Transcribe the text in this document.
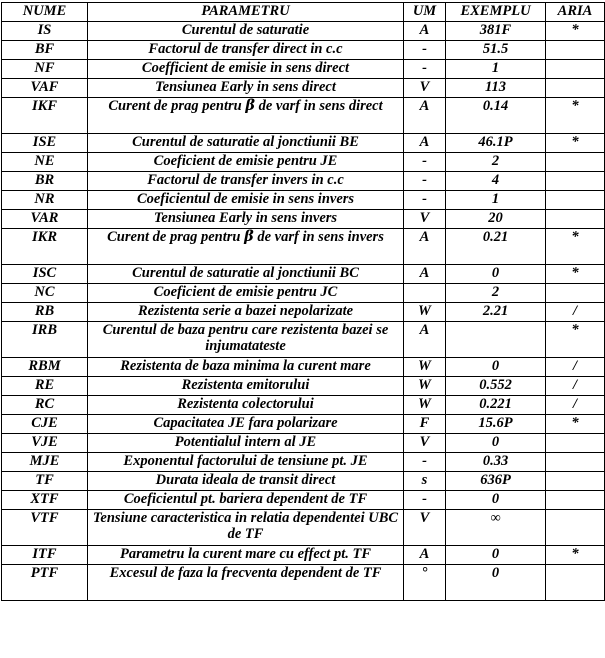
NUME	PARAMETRU	UM	EXEMPLU	ARIA
IS	Curentul de saturatie	A	381F	*
BF	Factorul de transfer direct in c.c	-	51.5	
NF	Coefficient de emisie in sens direct	-	1	
VAF	Tensiunea Early in sens direct	V	113	
IKF	Curent de prag pentru β de varf in sens direct	A	0.14	*
ISE	Curentul de saturatie al jonctiunii BE	A	46.1P	*
NE	Coeficient de emisie pentru JE	-	2	
BR	Factorul de transfer invers in c.c	-	4	
NR	Coeficientul de emisie in sens invers	-	1	
VAR	Tensiunea Early in sens invers	V	20	
IKR	Curent de prag pentru β de varf in sens invers	A	0.21	*
ISC	Curentul de saturatie al jonctiunii BC	A	0	*
NC	Coeficient de emisie pentru JC		2	
RB	Rezistenta serie a bazei nepolarizate	W	2.21	/
IRB	Curentul de baza pentru care rezistenta bazei se injumatateste	A		*
RBM	Rezistenta de baza minima la curent mare	W	0	/
RE	Rezistenta emitorului	W	0.552	/
RC	Rezistenta colectorului	W	0.221	/
CJE	Capacitatea JE fara polarizare	F	15.6P	*
VJE	Potentialul intern al JE	V	0	
MJE	Exponentul factorului de tensiune pt. JE	-	0.33	
TF	Durata ideala de transit direct	s	636P	
XTF	Coeficientul pt. bariera dependent de TF	-	0	
VTF	Tensiune caracteristica in relatia dependentei UBC de TF	V	∞	
ITF	Parametru la curent mare cu effect pt. TF	A	0	*
PTF	Excesul de faza la frecventa dependent de TF	°	0	
